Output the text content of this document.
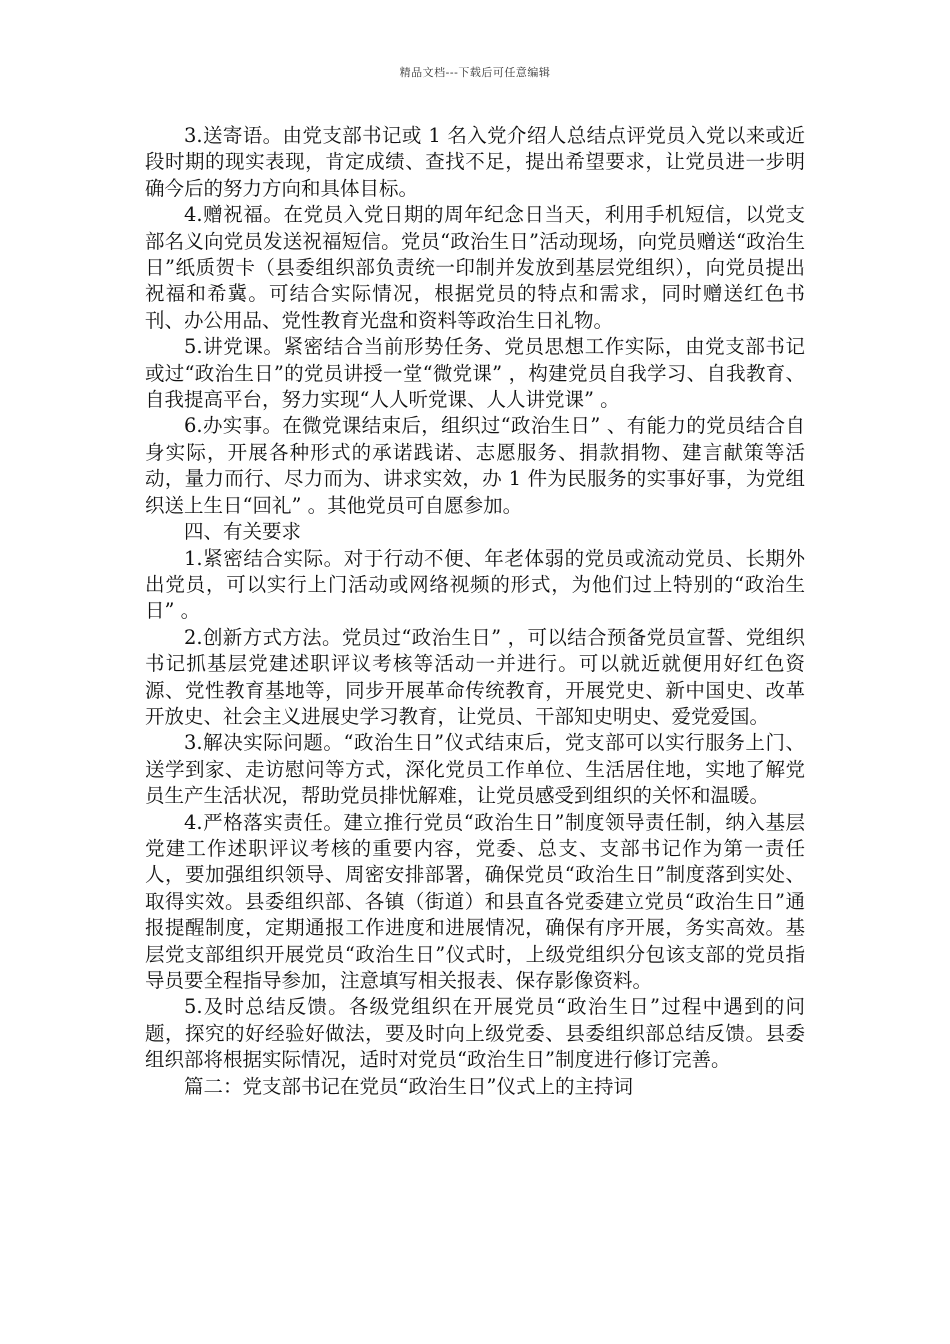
精品文档---下载后可任意编辑

3.送寄语。由党支部书记或 1 名入党介绍人总结点评党员入党以来或近段时期的现实表现，肯定成绩、查找不足，提出希望要求，让党员进一步明确今后的努力方向和具体目标。

4.赠祝福。在党员入党日期的周年纪念日当天，利用手机短信，以党支部名义向党员发送祝福短信。党员“政治生日”活动现场，向党员赠送“政治生日”纸质贺卡（县委组织部负责统一印制并发放到基层党组织），向党员提出祝福和希冀。可结合实际情况，根据党员的特点和需求，同时赠送红色书刊、办公用品、党性教育光盘和资料等政治生日礼物。

5.讲党课。紧密结合当前形势任务、党员思想工作实际，由党支部书记或过“政治生日”的党员讲授一堂“微党课” ，构建党员自我学习、自我教育、自我提高平台，努力实现“人人听党课、人人讲党课” 。

6.办实事。在微党课结束后，组织过“政治生日” 、有能力的党员结合自身实际，开展各种形式的承诺践诺、志愿服务、捐款捐物、建言献策等活动，量力而行、尽力而为、讲求实效，办 1 件为民服务的实事好事，为党组织送上生日“回礼” 。其他党员可自愿参加。

四、有关要求

1.紧密结合实际。对于行动不便、年老体弱的党员或流动党员、长期外出党员，可以实行上门活动或网络视频的形式，为他们过上特别的“政治生日” 。

2.创新方式方法。党员过“政治生日” ，可以结合预备党员宣誓、党组织书记抓基层党建述职评议考核等活动一并进行。可以就近就便用好红色资源、党性教育基地等，同步开展革命传统教育，开展党史、新中国史、改革开放史、社会主义进展史学习教育，让党员、干部知史明史、爱党爱国。

3.解决实际问题。“政治生日”仪式结束后，党支部可以实行服务上门、送学到家、走访慰问等方式，深化党员工作单位、生活居住地，实地了解党员生产生活状况，帮助党员排忧解难，让党员感受到组织的关怀和温暖。

4.严格落实责任。建立推行党员“政治生日”制度领导责任制，纳入基层党建工作述职评议考核的重要内容，党委、总支、支部书记作为第一责任人，要加强组织领导、周密安排部署，确保党员“政治生日”制度落到实处、取得实效。县委组织部、各镇（街道）和县直各党委建立党员“政治生日”通报提醒制度，定期通报工作进度和进展情况，确保有序开展，务实高效。基层党支部组织开展党员“政治生日”仪式时，上级党组织分包该支部的党员指导员要全程指导参加，注意填写相关报表、保存影像资料。

5.及时总结反馈。各级党组织在开展党员“政治生日”过程中遇到的问题，探究的好经验好做法，要及时向上级党委、县委组织部总结反馈。县委组织部将根据实际情况，适时对党员“政治生日”制度进行修订完善。

篇二：党支部书记在党员“政治生日”仪式上的主持词
